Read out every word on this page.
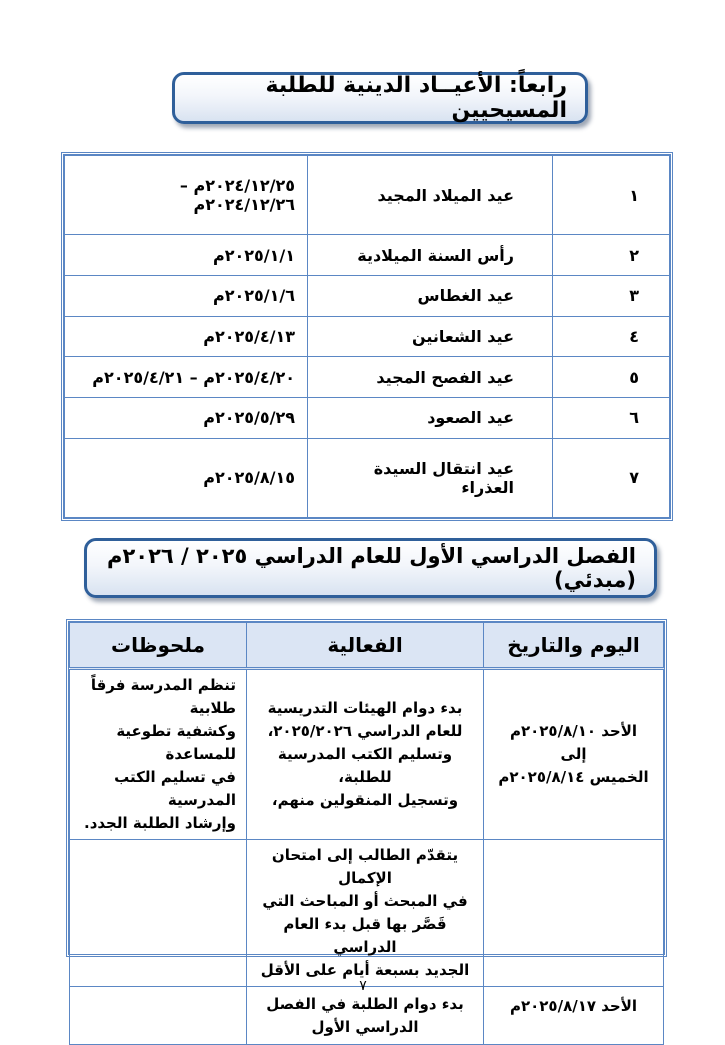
رابعاً: الأعيــاد الدينية للطلبة المسيحيين
١	عيد الميلاد المجيد	٢٠٢٤/١٢/٢٥م – ٢٠٢٤/١٢/٢٦م
٢	رأس السنة الميلادية	٢٠٢٥/١/١م
٣	عيد الغطاس	٢٠٢٥/١/٦م
٤	عيد الشعانين	٢٠٢٥/٤/١٣م
٥	عيد الفصح المجيد	٢٠٢٥/٤/٢٠م – ٢٠٢٥/٤/٢١م
٦	عيد الصعود	٢٠٢٥/٥/٢٩م
٧	عيد انتقال السيدة العذراء	٢٠٢٥/٨/١٥م
الفصل الدراسي الأول للعام الدراسي ٢٠٢٥ / ٢٠٢٦م (مبدئي)
اليوم والتاريخ	الفعالية	ملحوظات

الأحد ٢٠٢٥/٨/١٠م
إلى
الخميس ٢٠٢٥/٨/١٤م	بدء دوام الهيئات التدريسية
للعام الدراسي ٢٠٢٥/٢٠٢٦،
وتسليم الكتب المدرسية للطلبة،
وتسجيل المنقولين منهم،	تنظم المدرسة فرقاً طلابية
وكشفية تطوعية للمساعدة
في تسليم الكتب المدرسية
وإرشاد الطلبة الجدد.

	يتقدّم الطالب إلى امتحان الإكمال
في المبحث أو المباحث التي
قَصَّر بها قبل بدء العام الدراسي
الجديد بسبعة أيام على الأقل	

الأحد ٢٠٢٥/٨/١٧م	بدء دوام الطلبة في الفصل
الدراسي الأول	

٧
